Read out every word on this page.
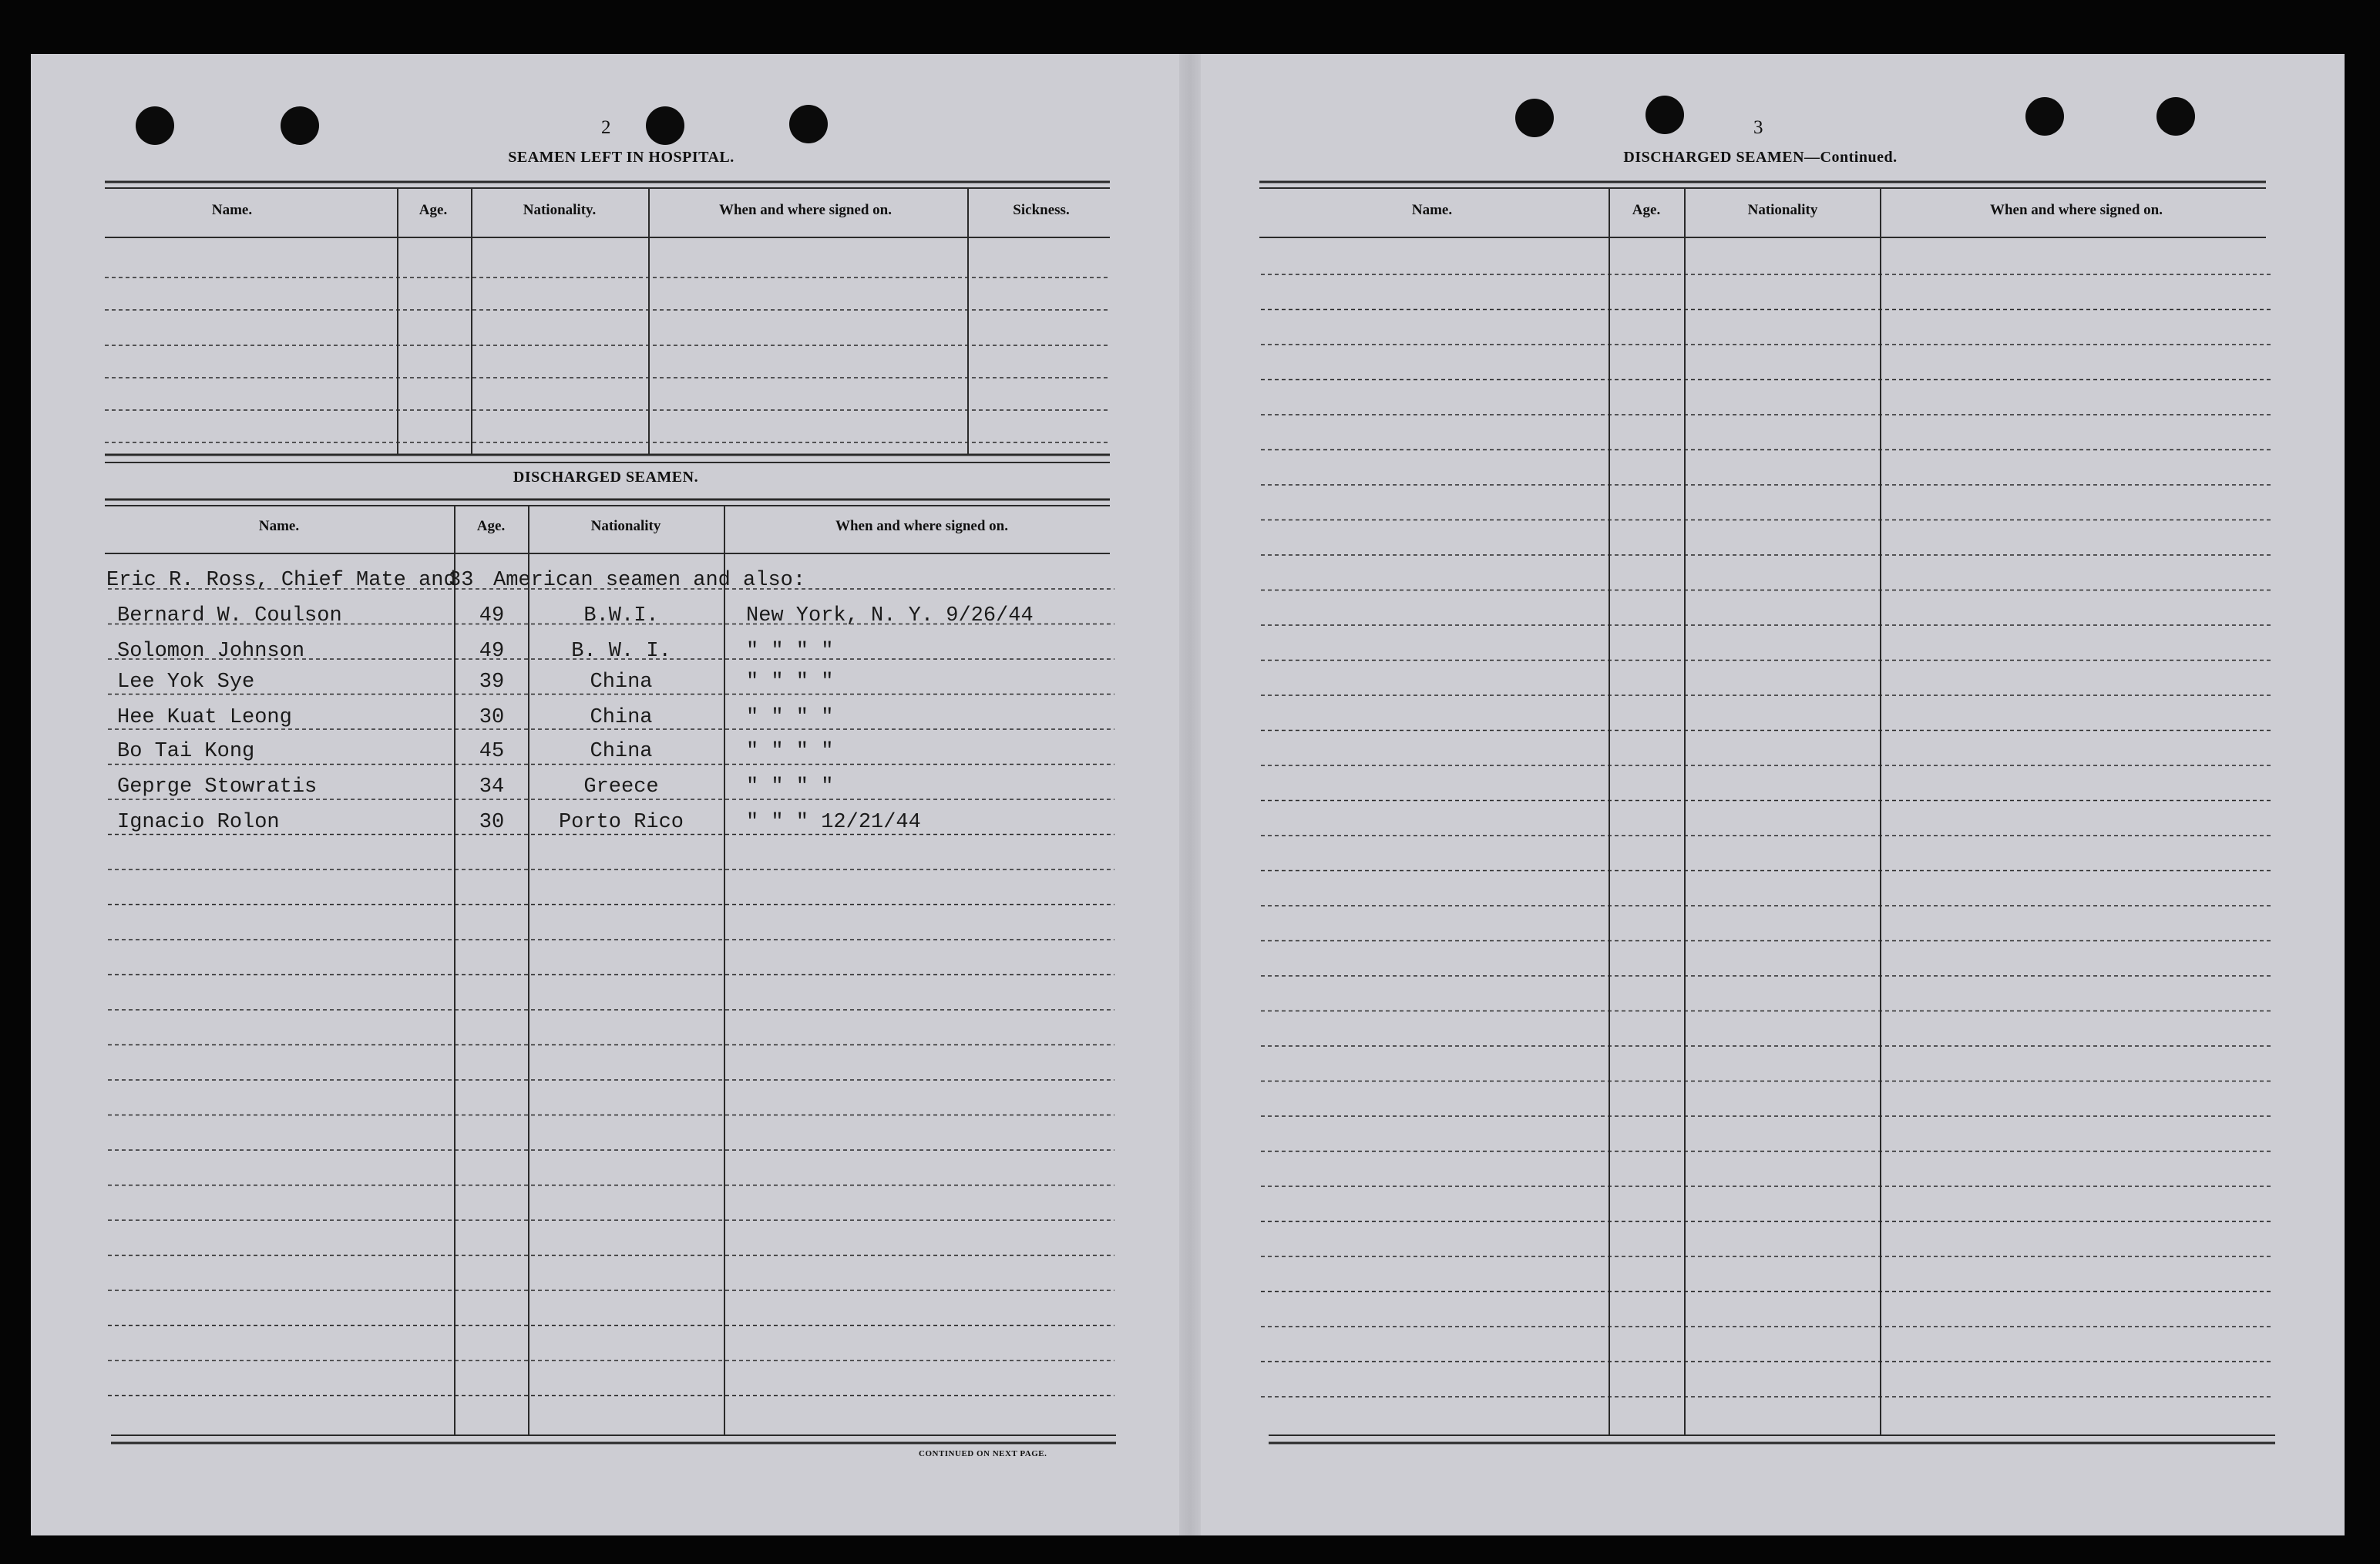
2
SEAMEN LEFT IN HOSPITAL.
Name.	Age.	Nationality.	When and where signed on.	Sickness.
DISCHARGED SEAMEN.
Name.	Age.	Nationality	When and where signed on.
Eric R. Ross, Chief Mate and
33 American seamen and also:
Bernard W. Coulson	49	B.W.I.	New York, N. Y. 9/26/44
Solomon Johnson	49	B. W. I.	" " " "
Lee Yok Sye	39	China	" " " "
Hee Kuat Leong	30	China	" " " "
Bo Tai Kong	45	China	" " " "
Geprge Stowratis	34	Greece	" " " "
Ignacio Rolon	30	Porto Rico	" " " 12/21/44
CONTINUED ON NEXT PAGE.
3
DISCHARGED SEAMEN—Continued.
Name.	Age.	Nationality	When and where signed on.
